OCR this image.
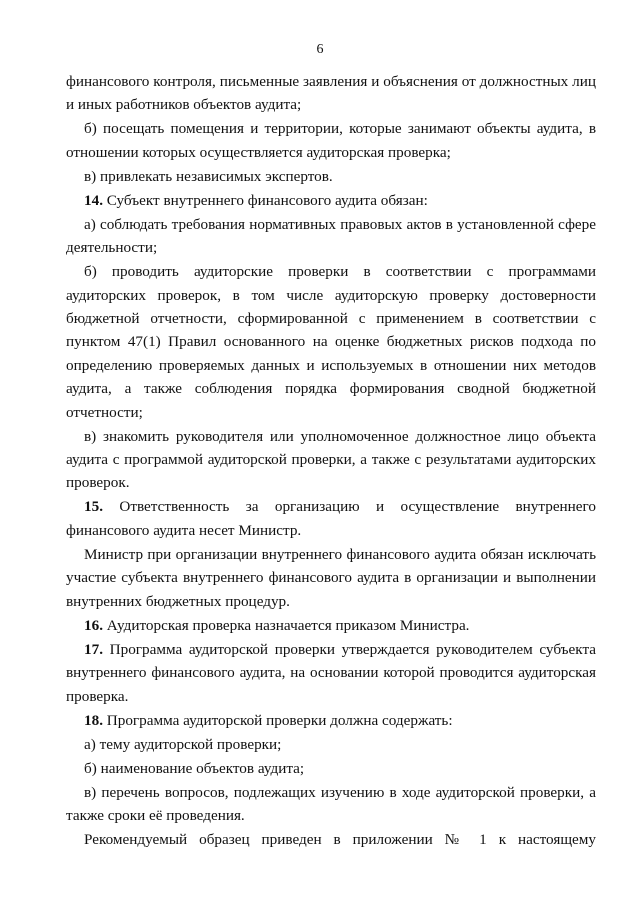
6

финансового контроля, письменные заявления и объяснения от должностных лиц и иных работников объектов аудита;

б) посещать помещения и территории, которые занимают объекты аудита, в отношении которых осуществляется аудиторская проверка;

в) привлекать независимых экспертов.

14. Субъект внутреннего финансового аудита обязан:

а) соблюдать требования нормативных правовых актов в установленной сфере деятельности;

б) проводить аудиторские проверки в соответствии с программами аудиторских проверок, в том числе аудиторскую проверку достоверности бюджетной отчетности, сформированной с применением в соответствии с пунктом 47(1) Правил основанного на оценке бюджетных рисков подхода по определению проверяемых данных и используемых в отношении них методов аудита, а также соблюдения порядка формирования сводной бюджетной отчетности;

в) знакомить руководителя или уполномоченное должностное лицо объекта аудита с программой аудиторской проверки, а также с результатами аудиторских проверок.

15. Ответственность за организацию и осуществление внутреннего финансового аудита несет Министр.

Министр при организации внутреннего финансового аудита обязан исключать участие субъекта внутреннего финансового аудита в организации и выполнении внутренних бюджетных процедур.

16. Аудиторская проверка назначается приказом Министра.

17. Программа аудиторской проверки утверждается руководителем субъекта внутреннего финансового аудита, на основании которой проводится аудиторская проверка.

18. Программа аудиторской проверки должна содержать:

а) тему аудиторской проверки;

б) наименование объектов аудита;

в) перечень вопросов, подлежащих изучению в ходе аудиторской проверки, а также сроки её проведения.

Рекомендуемый образец приведен в приложении № 1 к настоящему
